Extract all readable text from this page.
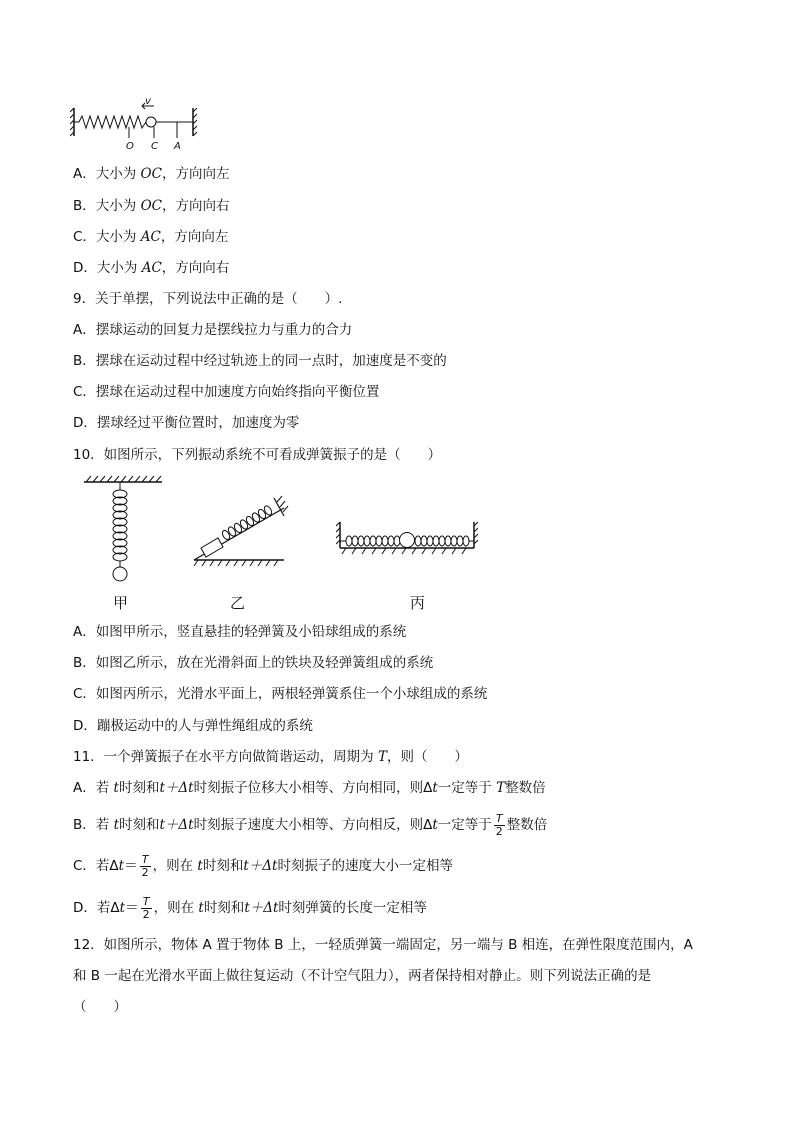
v
O C A
A．大小为 OC，方向向左
B．大小为 OC，方向向右
C．大小为 AC，方向向左
D．大小为 AC，方向向右
9．关于单摆，下列说法中正确的是（　　）.
A．摆球运动的回复力是摆线拉力与重力的合力
B．摆球在运动过程中经过轨迹上的同一点时，加速度是不变的
C．摆球在运动过程中加速度方向始终指向平衡位置
D．摆球经过平衡位置时，加速度为零
10．如图所示，下列振动系统不可看成弹簧振子的是（　　）
甲	乙	丙
A．如图甲所示，竖直悬挂的轻弹簧及小铅球组成的系统
B．如图乙所示，放在光滑斜面上的铁块及轻弹簧组成的系统
C．如图丙所示，光滑水平面上，两根轻弹簧系住一个小球组成的系统
D．蹦极运动中的人与弹性绳组成的系统
11．一个弹簧振子在水平方向做简谐运动，周期为 T，则（　　）
A．若 t时刻和t＋Δt时刻振子位移大小相等、方向相同，则Δt一定等于 T整数倍
B．若 t时刻和t＋Δt时刻振子速度大小相等、方向相反，则Δt一定等于 $\frac{T}{2}$ 整数倍
C．若$\Delta t= \frac{T}{2}$ ，则在 t时刻和t＋Δt时刻振子的速度大小一定相等
D．若$\Delta t= \frac{T}{2}$ ，则在 t时刻和t＋Δt时刻弹簧的长度一定相等
12．如图所示，物体 A 置于物体 B 上，一轻质弹簧一端固定，另一端与 B 相连，在弹性限度范围内，A
和 B 一起在光滑水平面上做往复运动（不计空气阻力），两者保持相对静止。则下列说法正确的是
（　　）
